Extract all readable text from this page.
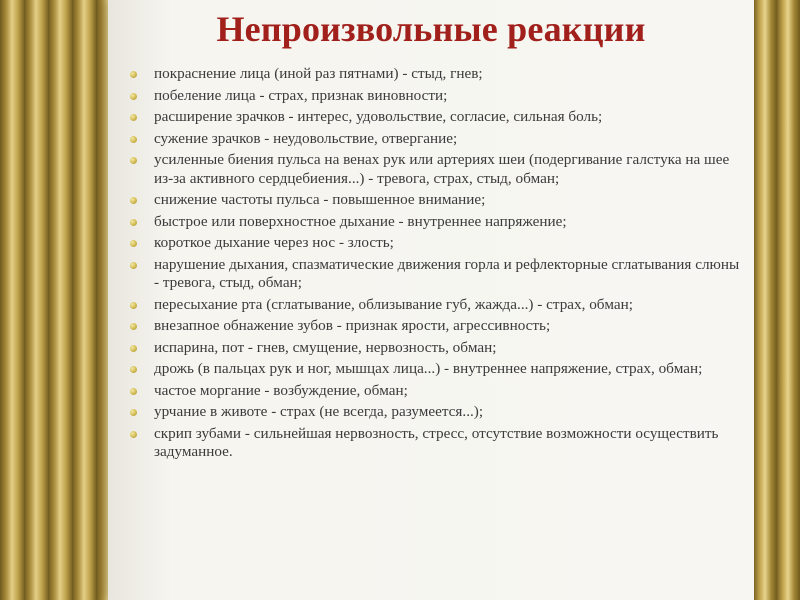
Непроизвольные реакции
покраснение лица (иной раз пятнами) - стыд, гнев;
побеление лица - страх, признак виновности;
расширение зрачков - интерес, удовольствие, согласие, сильная боль;
сужение зрачков - неудовольствие, отвергание;
усиленные биения пульса на венах рук или артериях шеи (подергивание галстука на шее из-за активного сердцебиения...) - тревога, страх, стыд, обман;
снижение частоты пульса - повышенное внимание;
быстрое или поверхностное дыхание - внутреннее напряжение;
короткое дыхание через нос - злость;
нарушение дыхания, спазматические движения горла и рефлекторные сглатывания слюны - тревога, стыд, обман;
пересыхание рта (сглатывание, облизывание губ, жажда...) - страх, обман;
внезапное обнажение зубов - признак ярости, агрессивность;
испарина, пот - гнев, смущение, нервозность, обман;
дрожь (в пальцах рук и ног, мышцах лица...) - внутреннее напряжение, страх, обман;
частое моргание - возбуждение, обман;
урчание в животе - страх (не всегда, разумеется...);
скрип зубами - сильнейшая нервозность, стресс, отсутствие возможности осуществить задуманное.
